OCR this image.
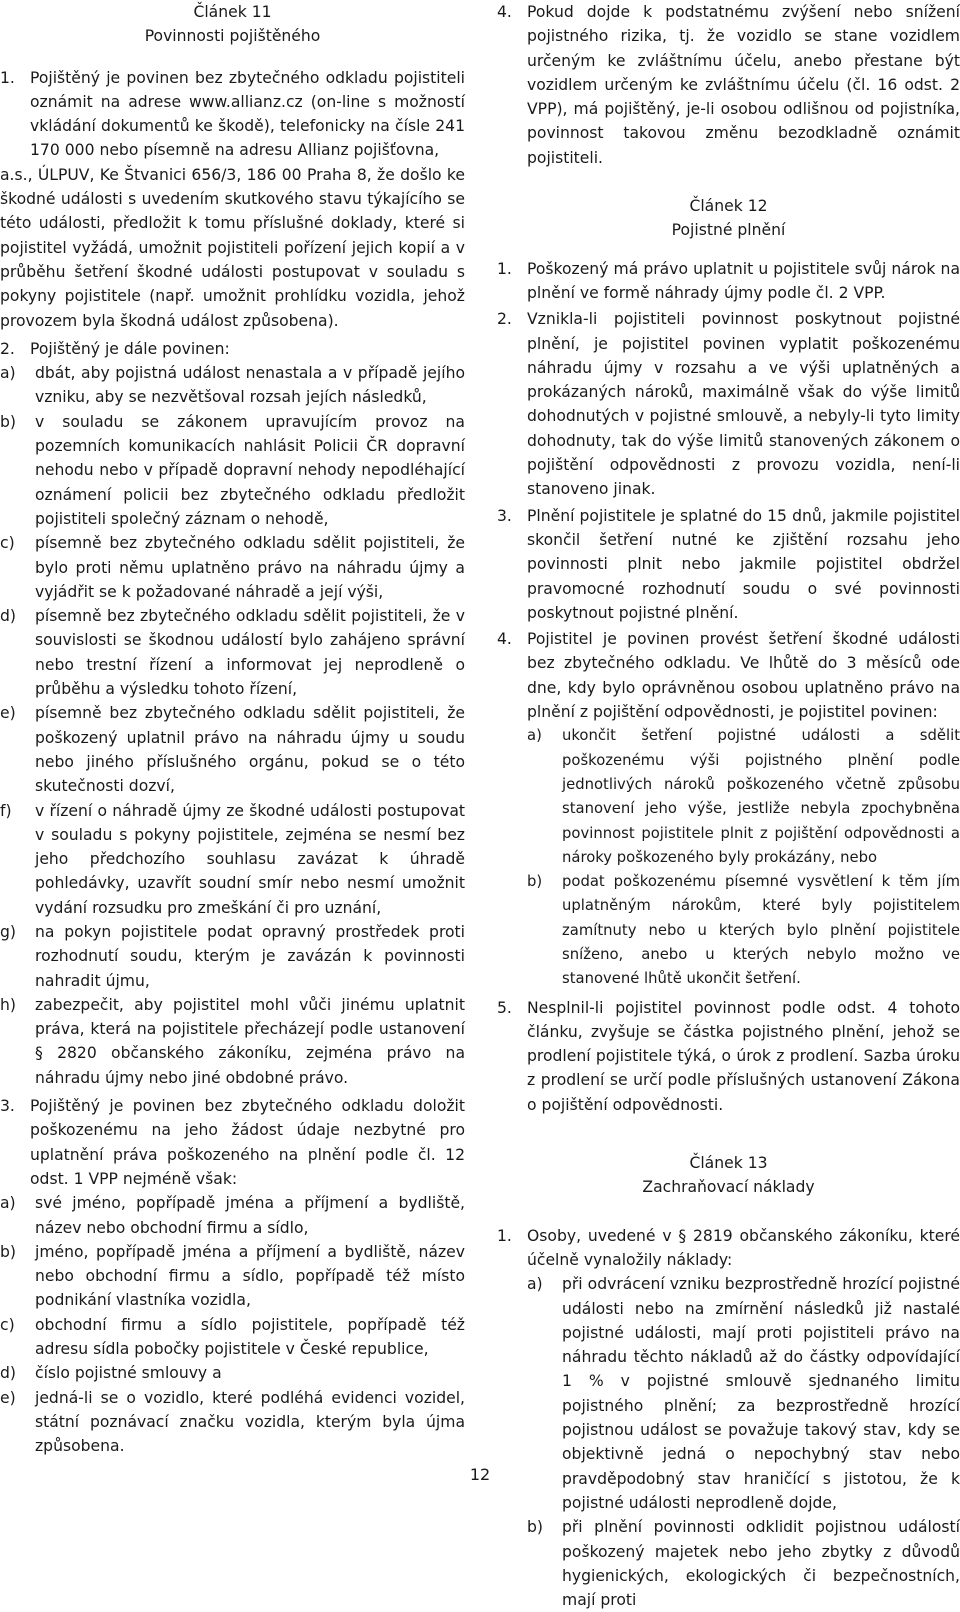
Článek 11
Povinnosti pojištěného
1. Pojištěný je povinen bez zbytečného odkladu pojistiteli oznámit na adrese www.allianz.cz (on-line s možností vkládání dokumentů ke škodě), telefonicky na čísle 241 170 000 nebo písemně na adresu Allianz pojišťovna,

a.s., ÚLPUV, Ke Štvanici 656/3, 186 00 Praha 8, že došlo ke škodné události s uvedením skutkového stavu týkajícího se této události, předložit k tomu příslušné doklady, které si pojistitel vyžádá, umožnit pojistiteli pořízení jejich kopií a v průběhu šetření škodné události postupovat v souladu s pokyny pojistitele (např. umožnit prohlídku vozidla, jehož provozem byla škodná událost způsobena).

2. Pojištěný je dále povinen:
a)	dbát, aby pojistná událost nenastala a v případě jejího vzniku, aby se nezvětšoval rozsah jejích následků,
b)	v souladu se zákonem upravujícím provoz na pozemních komunikacích nahlásit Policii ČR dopravní nehodu nebo v případě dopravní nehody nepodléhající oznámení policii bez zbytečného odkladu předložit pojistiteli společný záznam o nehodě,
c)	písemně bez zbytečného odkladu sdělit pojistiteli, že bylo proti němu uplatněno právo na náhradu újmy a vyjádřit se k požadované náhradě a její výši,
d)	písemně bez zbytečného odkladu sdělit pojistiteli, že v souvislosti se škodnou událostí bylo zahájeno správní nebo trestní řízení a informovat jej neprodleně o průběhu a výsledku tohoto řízení,
e)	písemně bez zbytečného odkladu sdělit pojistiteli, že poškozený uplatnil právo na náhradu újmy u soudu nebo jiného příslušného orgánu, pokud se o této skutečnosti dozví,
f)	v řízení o náhradě újmy ze škodné události postupovat v souladu s pokyny pojistitele, zejména se nesmí bez jeho předchozího souhlasu zavázat k úhradě pohledávky, uzavřít soudní smír nebo nesmí umožnit vydání rozsudku pro zmeškání či pro uznání,
g)	na pokyn pojistitele podat opravný prostředek proti rozhodnutí soudu, kterým je zavázán k povinnosti nahradit újmu,
h)	zabezpečit, aby pojistitel mohl vůči jinému uplatnit práva, která na pojistitele přecházejí podle ustanovení § 2820 občanského zákoníku, zejména právo na náhradu újmy nebo jiné obdobné právo.
3. Pojištěný je povinen bez zbytečného odkladu doložit poškozenému na jeho žádost údaje nezbytné pro uplatnění práva poškozeného na plnění podle čl. 12 odst. 1 VPP nejméně však:
a)	své jméno, popřípadě jména a příjmení a bydliště, název nebo obchodní firmu a sídlo,
b)	jméno, popřípadě jména a příjmení a bydliště, název nebo obchodní firmu a sídlo, popřípadě též místo podnikání vlastníka vozidla,
c)	obchodní firmu a sídlo pojistitele, popřípadě též adresu sídla pobočky pojistitele v České republice,
d)	číslo pojistné smlouvy a
e)	jedná-li se o vozidlo, které podléhá evidenci vozidel, státní poznávací značku vozidla, kterým byla újma způsobena.
4. Pokud dojde k podstatnému zvýšení nebo snížení pojistného rizika, tj. že vozidlo se stane vozidlem určeným ke zvláštnímu účelu, anebo přestane být vozidlem určeným ke zvláštnímu účelu (čl. 16 odst. 2 VPP), má pojištěný, je-li osobou odlišnou od pojistníka, povinnost takovou změnu bezodkladně oznámit pojistiteli.
Článek 12
Pojistné plnění
1. Poškozený má právo uplatnit u pojistitele svůj nárok na plnění ve formě náhrady újmy podle čl. 2 VPP.
2. Vznikla-li pojistiteli povinnost poskytnout pojistné plnění, je pojistitel povinen vyplatit poškozenému náhradu újmy v rozsahu a ve výši uplatněných a prokázaných nároků, maximálně však do výše limitů dohodnutých v pojistné smlouvě, a nebyly-li tyto limity dohodnuty, tak do výše limitů stanovených zákonem o pojištění odpovědnosti z provozu vozidla, není-li stanoveno jinak.
3. Plnění pojistitele je splatné do 15 dnů, jakmile pojistitel skončil šetření nutné ke zjištění rozsahu jeho povinnosti plnit nebo jakmile pojistitel obdržel pravomocné rozhodnutí soudu o své povinnosti poskytnout pojistné plnění.
4. Pojistitel je povinen provést šetření škodné události bez zbytečného odkladu. Ve lhůtě do 3 měsíců ode dne, kdy bylo oprávněnou osobou uplatněno právo na plnění z pojištění odpovědnosti, je pojistitel povinen:
a)	ukončit šetření pojistné události a sdělit poškozenému výši pojistného plnění podle jednotlivých nároků poškozeného včetně způsobu stanovení jeho výše, jestliže nebyla zpochybněna povinnost pojistitele plnit z pojištění odpovědnosti a nároky poškozeného byly prokázány, nebo
b)	podat poškozenému písemné vysvětlení k těm jím uplatněným nárokům, které byly pojistitelem zamítnuty nebo u kterých bylo plnění pojistitele sníženo, anebo u kterých nebylo možno ve stanovené lhůtě ukončit šetření.
5. Nesplnil-li pojistitel povinnost podle odst. 4 tohoto článku, zvyšuje se částka pojistného plnění, jehož se prodlení pojistitele týká, o úrok z prodlení. Sazba úroku z prodlení se určí podle příslušných ustanovení Zákona o pojištění odpovědnosti.
Článek 13
Zachraňovací náklady
1. Osoby, uvedené v § 2819 občanského zákoníku, které účelně vynaložily náklady:
a)	při odvrácení vzniku bezprostředně hrozící pojistné události nebo na zmírnění následků již nastalé pojistné události, mají proti pojistiteli právo na náhradu těchto nákladů až do částky odpovídající 1 % v pojistné smlouvě sjednaného limitu pojistného plnění; za bezprostředně hrozící pojistnou událost se považuje takový stav, kdy se objektivně jedná o nepochybný stav nebo pravděpodobný stav hraničící s jistotou, že k pojistné události neprodleně dojde,
b)	při plnění povinnosti odklidit pojistnou událostí poškozený majetek nebo jeho zbytky z důvodů hygienických, ekologických či bezpečnostních, mají proti
12
